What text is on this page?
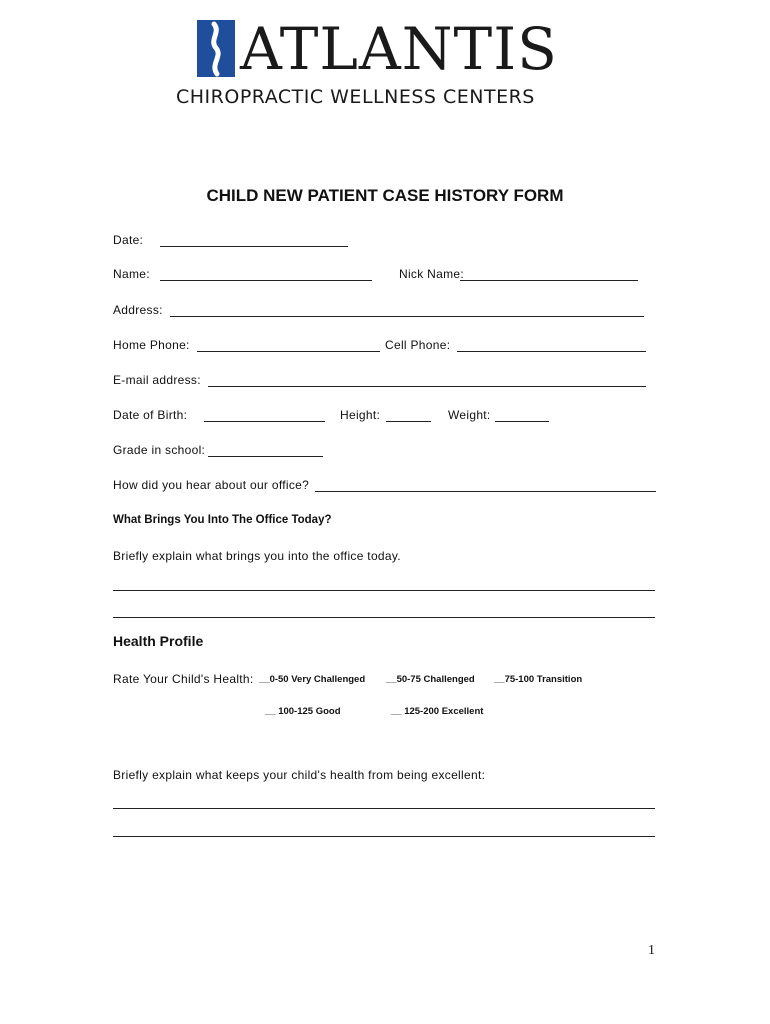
ATLANTIS
CHIROPRACTIC WELLNESS CENTERS
CHILD NEW PATIENT CASE HISTORY FORM
Date:
Name:	Nick Name:
Address:
Home Phone:	Cell Phone:
E-mail address:
Date of Birth:	Height:	Weight:
Grade in school:
How did you hear about our office?
What Brings You Into The Office Today?
Briefly explain what brings you into the office today.
Health Profile
Rate Your Child's Health: __0-50 Very Challenged __50-75 Challenged __75-100 Transition
__ 100-125 Good	__ 125-200 Excellent
Briefly explain what keeps your child's health from being excellent:
1
